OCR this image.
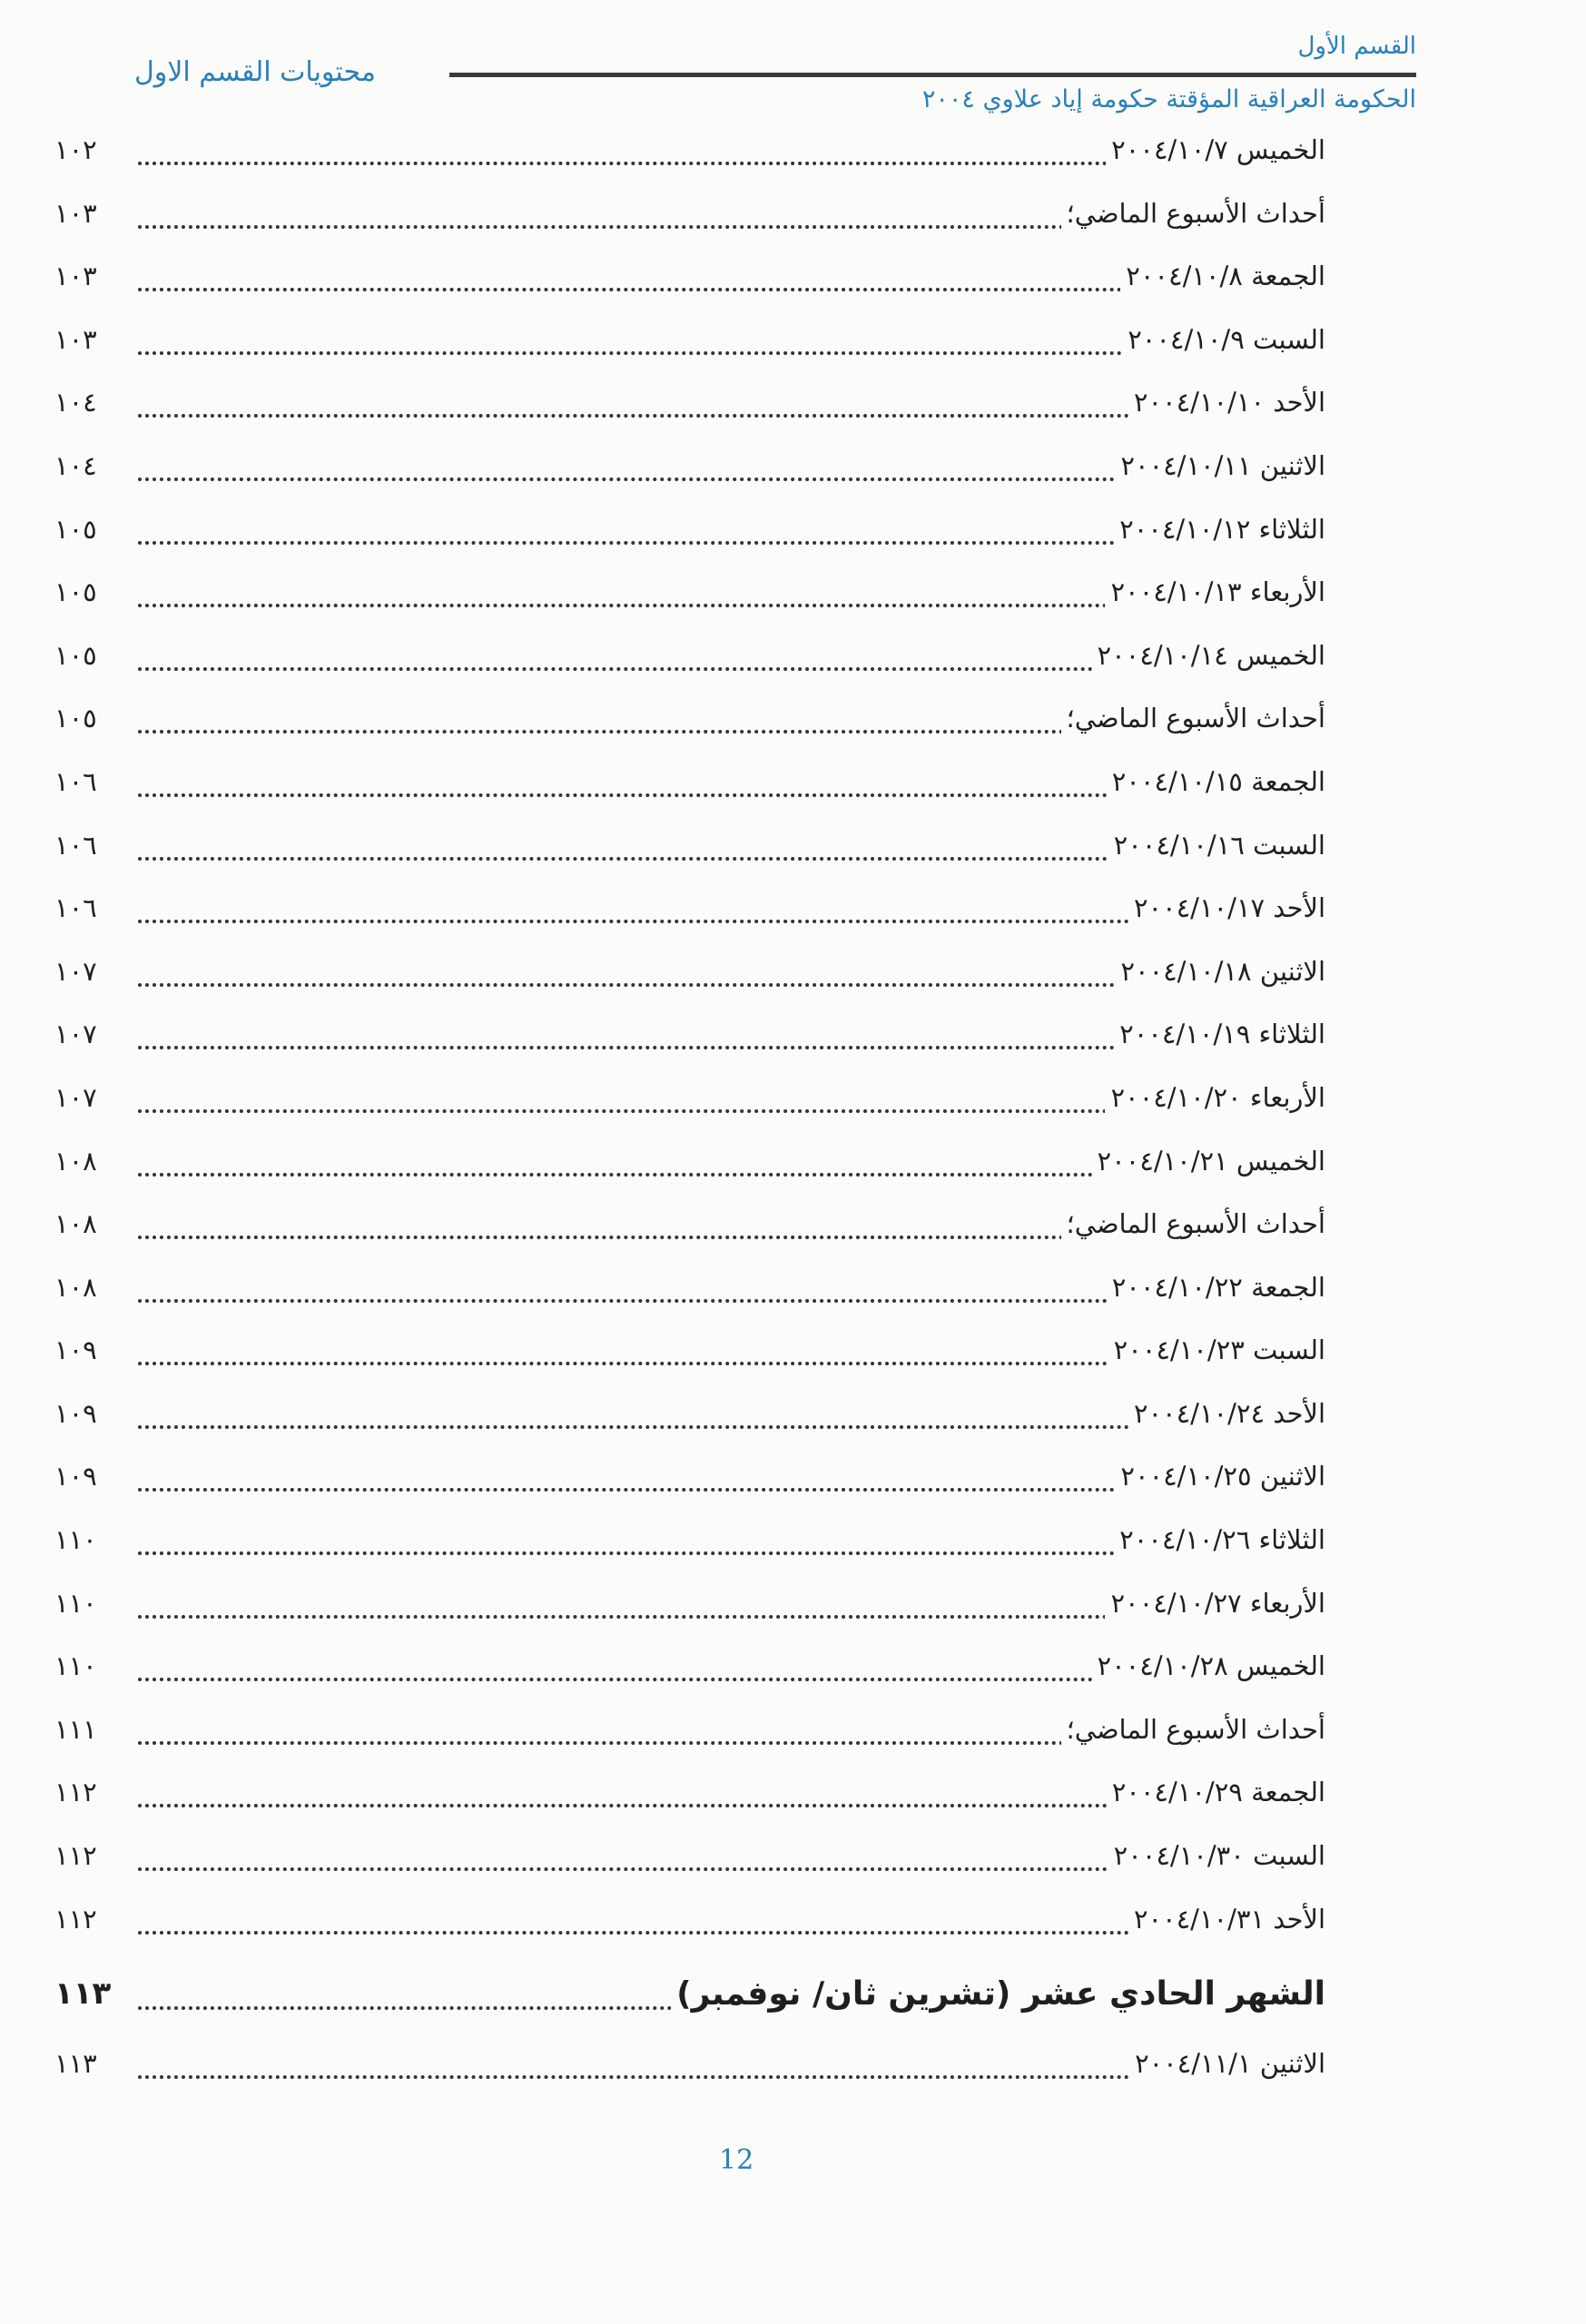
القسم الأول
الحكومة العراقية المؤقتة حكومة إياد علاوي ٢٠٠٤
محتويات القسم الاول
الخميس ٢٠٠٤/١٠/٧
١٠٢
أحداث الأسبوع الماضي؛
١٠٣
الجمعة ٢٠٠٤/١٠/٨
١٠٣
السبت ٢٠٠٤/١٠/٩
١٠٣
الأحد ٢٠٠٤/١٠/١٠
١٠٤
الاثنين ٢٠٠٤/١٠/١١
١٠٤
الثلاثاء ٢٠٠٤/١٠/١٢
١٠٥
الأربعاء ٢٠٠٤/١٠/١٣
١٠٥
الخميس ٢٠٠٤/١٠/١٤
١٠٥
أحداث الأسبوع الماضي؛
١٠٥
الجمعة ٢٠٠٤/١٠/١٥
١٠٦
السبت ٢٠٠٤/١٠/١٦
١٠٦
الأحد ٢٠٠٤/١٠/١٧
١٠٦
الاثنين ٢٠٠٤/١٠/١٨
١٠٧
الثلاثاء ٢٠٠٤/١٠/١٩
١٠٧
الأربعاء ٢٠٠٤/١٠/٢٠
١٠٧
الخميس ٢٠٠٤/١٠/٢١
١٠٨
أحداث الأسبوع الماضي؛
١٠٨
الجمعة ٢٠٠٤/١٠/٢٢
١٠٨
السبت ٢٠٠٤/١٠/٢٣
١٠٩
الأحد ٢٠٠٤/١٠/٢٤
١٠٩
الاثنين ٢٠٠٤/١٠/٢٥
١٠٩
الثلاثاء ٢٠٠٤/١٠/٢٦
١١٠
الأربعاء ٢٠٠٤/١٠/٢٧
١١٠
الخميس ٢٠٠٤/١٠/٢٨
١١٠
أحداث الأسبوع الماضي؛
١١١
الجمعة ٢٠٠٤/١٠/٢٩
١١٢
السبت ٢٠٠٤/١٠/٣٠
١١٢
الأحد ٢٠٠٤/١٠/٣١
١١٢
الشهر الحادي عشر (تشرين ثان/ نوفمبر)
١١٣
الاثنين ٢٠٠٤/١١/١
١١٣
12
